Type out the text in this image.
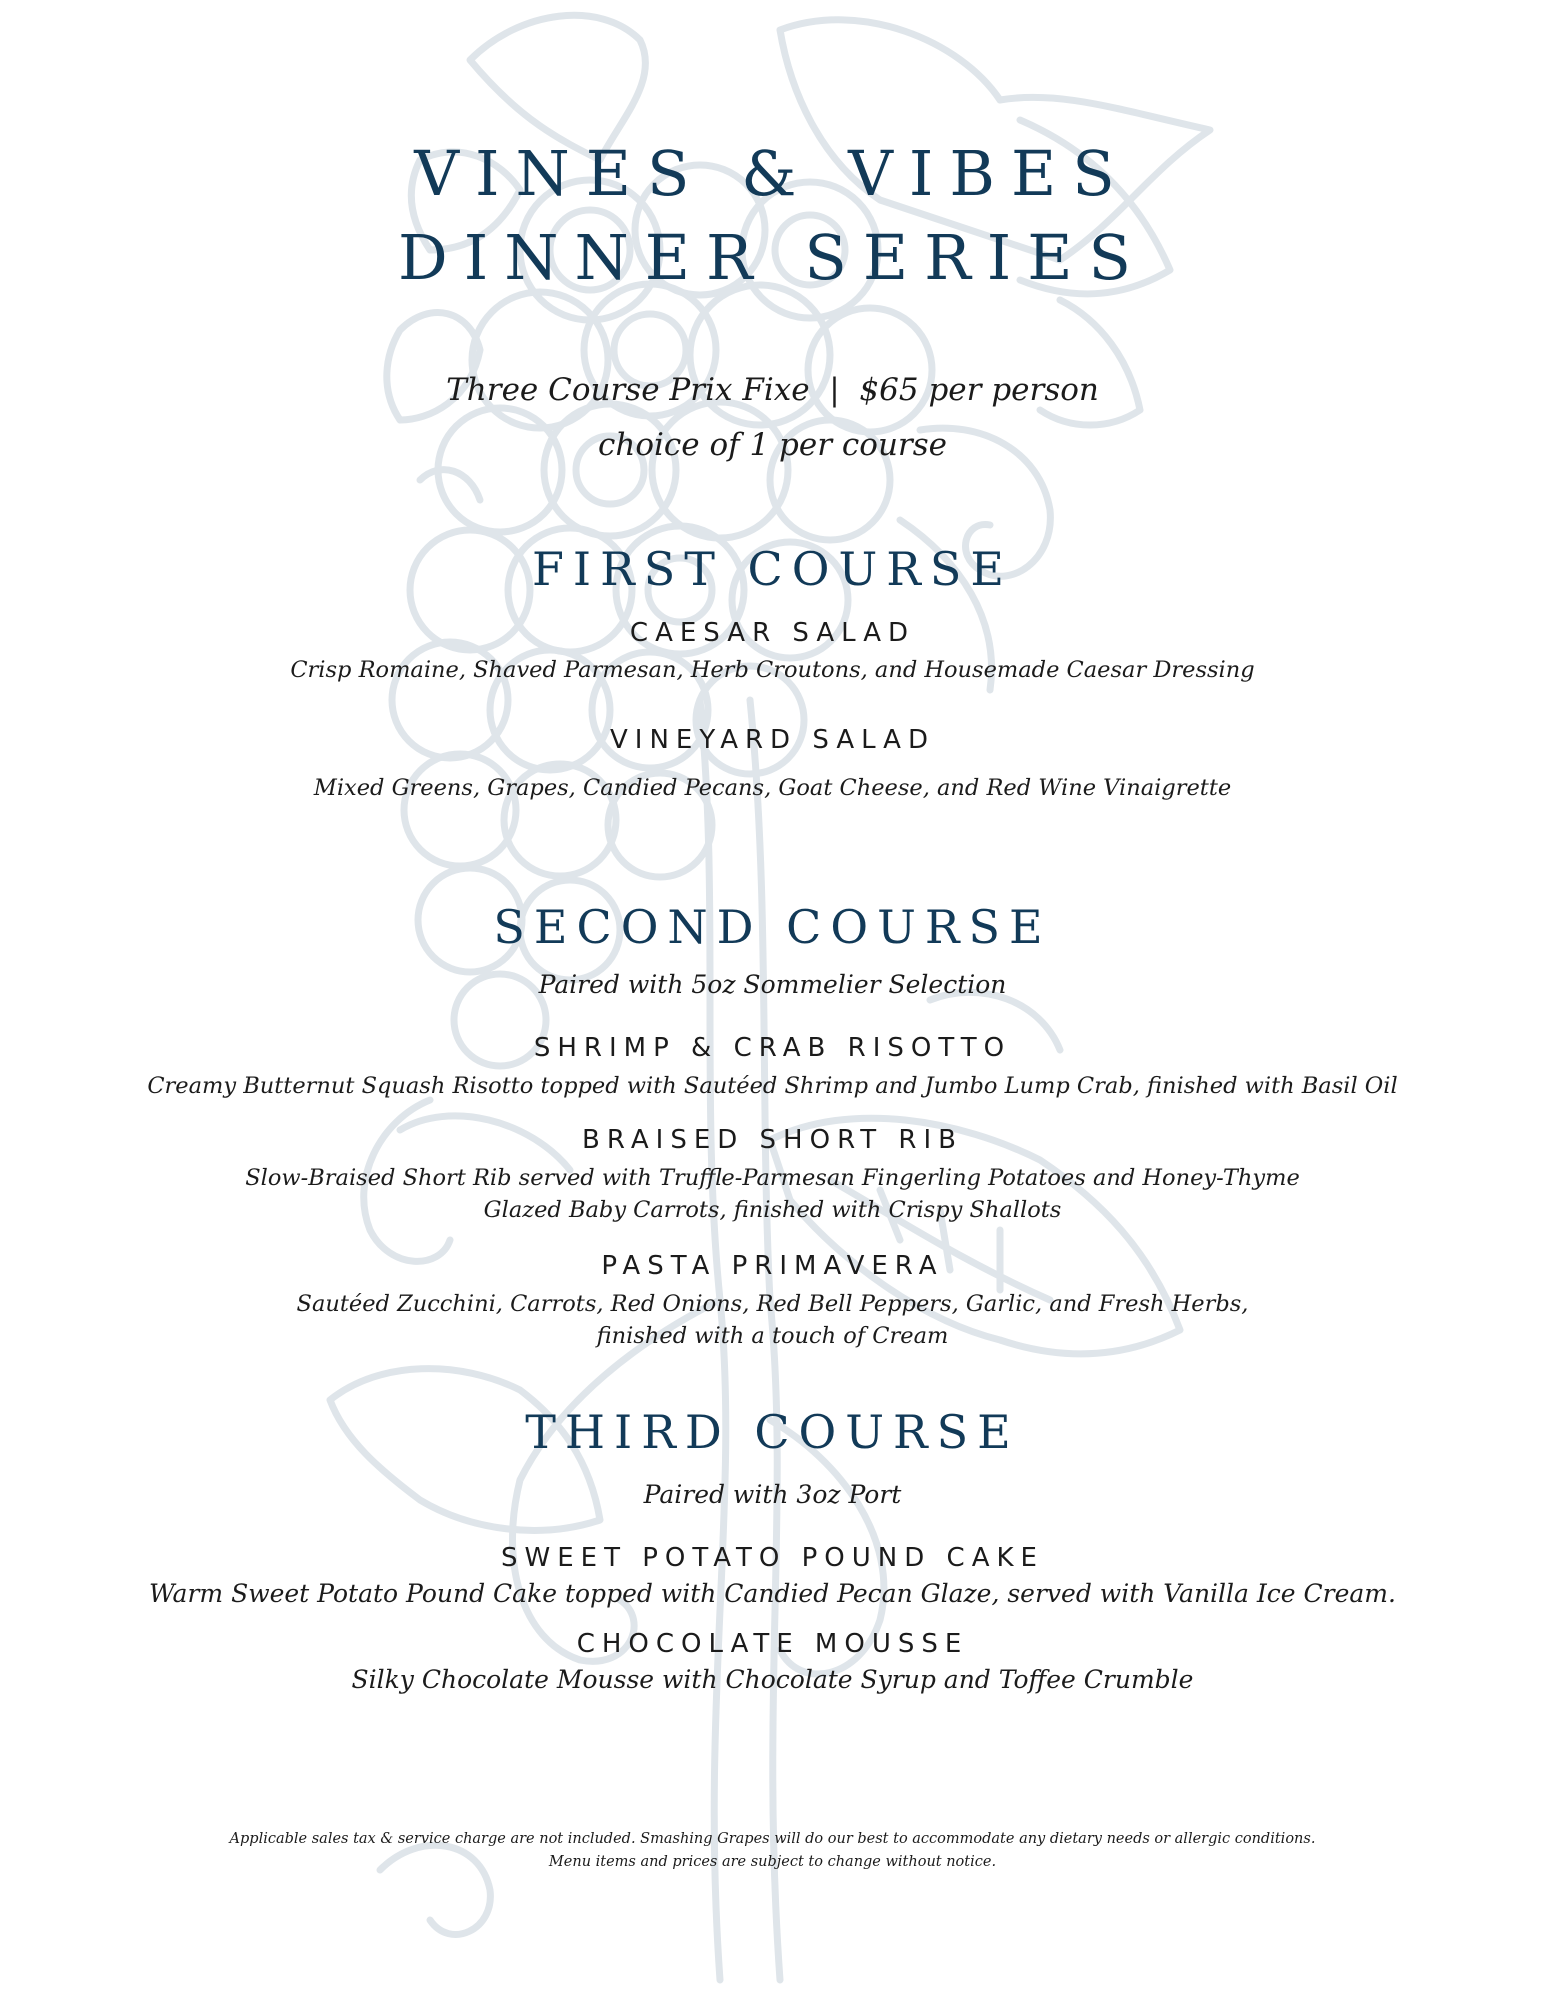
VINES & VIBES
DINNER SERIES

Three Course Prix Fixe  |  $65 per person

choice of 1 per course

FIRST COURSE
CAESAR SALAD

Crisp Romaine, Shaved Parmesan, Herb Croutons, and Housemade Caesar Dressing

VINEYARD SALAD

Mixed Greens, Grapes, Candied Pecans, Goat Cheese, and Red Wine Vinaigrette

SECOND COURSE

Paired with 5oz Sommelier Selection

SHRIMP & CRAB RISOTTO

Creamy Butternut Squash Risotto topped with Sautéed Shrimp and Jumbo Lump Crab, finished with Basil Oil

BRAISED SHORT RIB

Slow-Braised Short Rib served with Truffle-Parmesan Fingerling Potatoes and Honey-Thyme

Glazed Baby Carrots, finished with Crispy Shallots

PASTA PRIMAVERA

Sautéed Zucchini, Carrots, Red Onions, Red Bell Peppers, Garlic, and Fresh Herbs,

finished with a touch of Cream

THIRD COURSE

Paired with 3oz Port

SWEET POTATO POUND CAKE

Warm Sweet Potato Pound Cake topped with Candied Pecan Glaze, served with Vanilla Ice Cream.

CHOCOLATE MOUSSE

Silky Chocolate Mousse with Chocolate Syrup and Toffee Crumble

Applicable sales tax & service charge are not included. Smashing Grapes will do our best to accommodate any dietary needs or allergic conditions.

Menu items and prices are subject to change without notice.
